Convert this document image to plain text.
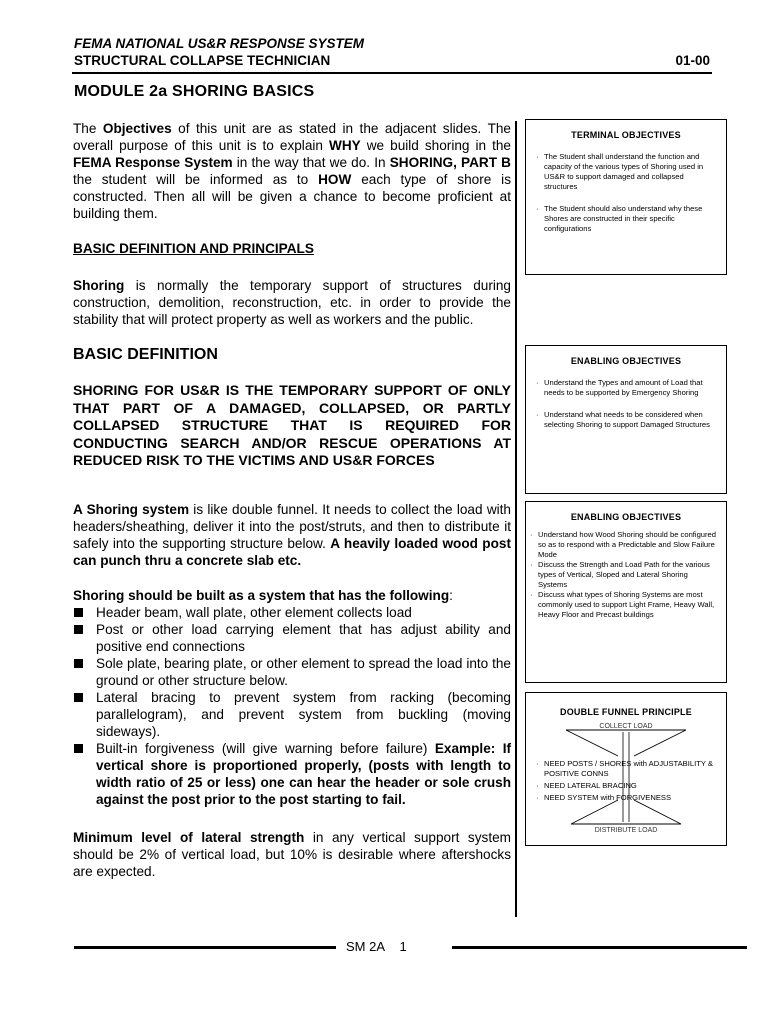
FEMA NATIONAL US&R RESPONSE SYSTEM
STRUCTURAL COLLAPSE TECHNICIAN	01-00
MODULE 2a SHORING BASICS

The Objectives of this unit are as stated in the adjacent slides. The overall purpose of this unit is to explain WHY we build shoring in the FEMA Response System in the way that we do. In SHORING, PART B the student will be informed as to HOW each type of shore is constructed. Then all will be given a chance to become proficient at building them.

BASIC DEFINITION AND PRINCIPALS

Shoring is normally the temporary support of structures during construction, demolition, reconstruction, etc. in order to provide the stability that will protect property as well as workers and the public.

BASIC DEFINITION
SHORING FOR US&R IS THE TEMPORARY SUPPORT OF ONLY THAT PART OF A DAMAGED, COLLAPSED, OR PARTLY COLLAPSED STRUCTURE THAT IS REQUIRED FOR CONDUCTING SEARCH AND/OR RESCUE OPERATIONS AT REDUCED RISK TO THE VICTIMS AND US&R FORCES

A Shoring system is like double funnel. It needs to collect the load with headers/sheathing, deliver it into the post/struts, and then to distribute it safely into the supporting structure below. A heavily loaded wood post can punch thru a concrete slab etc.

Shoring should be built as a system that has the following:

Header beam, wall plate, other element collects load
Post or other load carrying element that has adjust ability and positive end connections
Sole plate, bearing plate, or other element to spread the load into the ground or other structure below.
Lateral bracing to prevent system from racking (becoming parallelogram), and prevent system from buckling (moving sideways).
Built-in forgiveness (will give warning before failure) Example: If vertical shore is proportioned properly, (posts with length to width ratio of 25 or less) one can hear the header or sole crush against the post prior to the post starting to fail.

Minimum level of lateral strength in any vertical support system should be 2% of vertical load, but 10% is desirable where aftershocks are expected.

TERMINAL OBJECTIVES
· The Student shall understand the function and capacity of the various types of Shoring used in US&R to support damaged and collapsed structures
· The Student should also understand why these Shores are constructed in their specific configurations
ENABLING OBJECTIVES
· Understand the Types and amount of Load that needs to be supported by Emergency Shoring
· Understand what needs to be considered when selecting Shoring to support Damaged Structures
ENABLING OBJECTIVES
· Understand how Wood Shoring should be configured so as to respond with a Predictable and Slow Failure Mode
· Discuss the Strength and Load Path for the various types of Vertical, Sloped and Lateral Shoring Systems
· Discuss what types of Shoring Systems are most commonly used to support Light Frame, Heavy Wall, Heavy Floor and Precast buildings
DOUBLE FUNNEL PRINCIPLE
COLLECT LOAD
· NEED POSTS / SHORES with ADJUSTABILITY & POSITIVE CONNS
· NEED LATERAL BRACING
· NEED SYSTEM with FORGIVENESS
DISTRIBUTE LOAD
SM 2A 1
